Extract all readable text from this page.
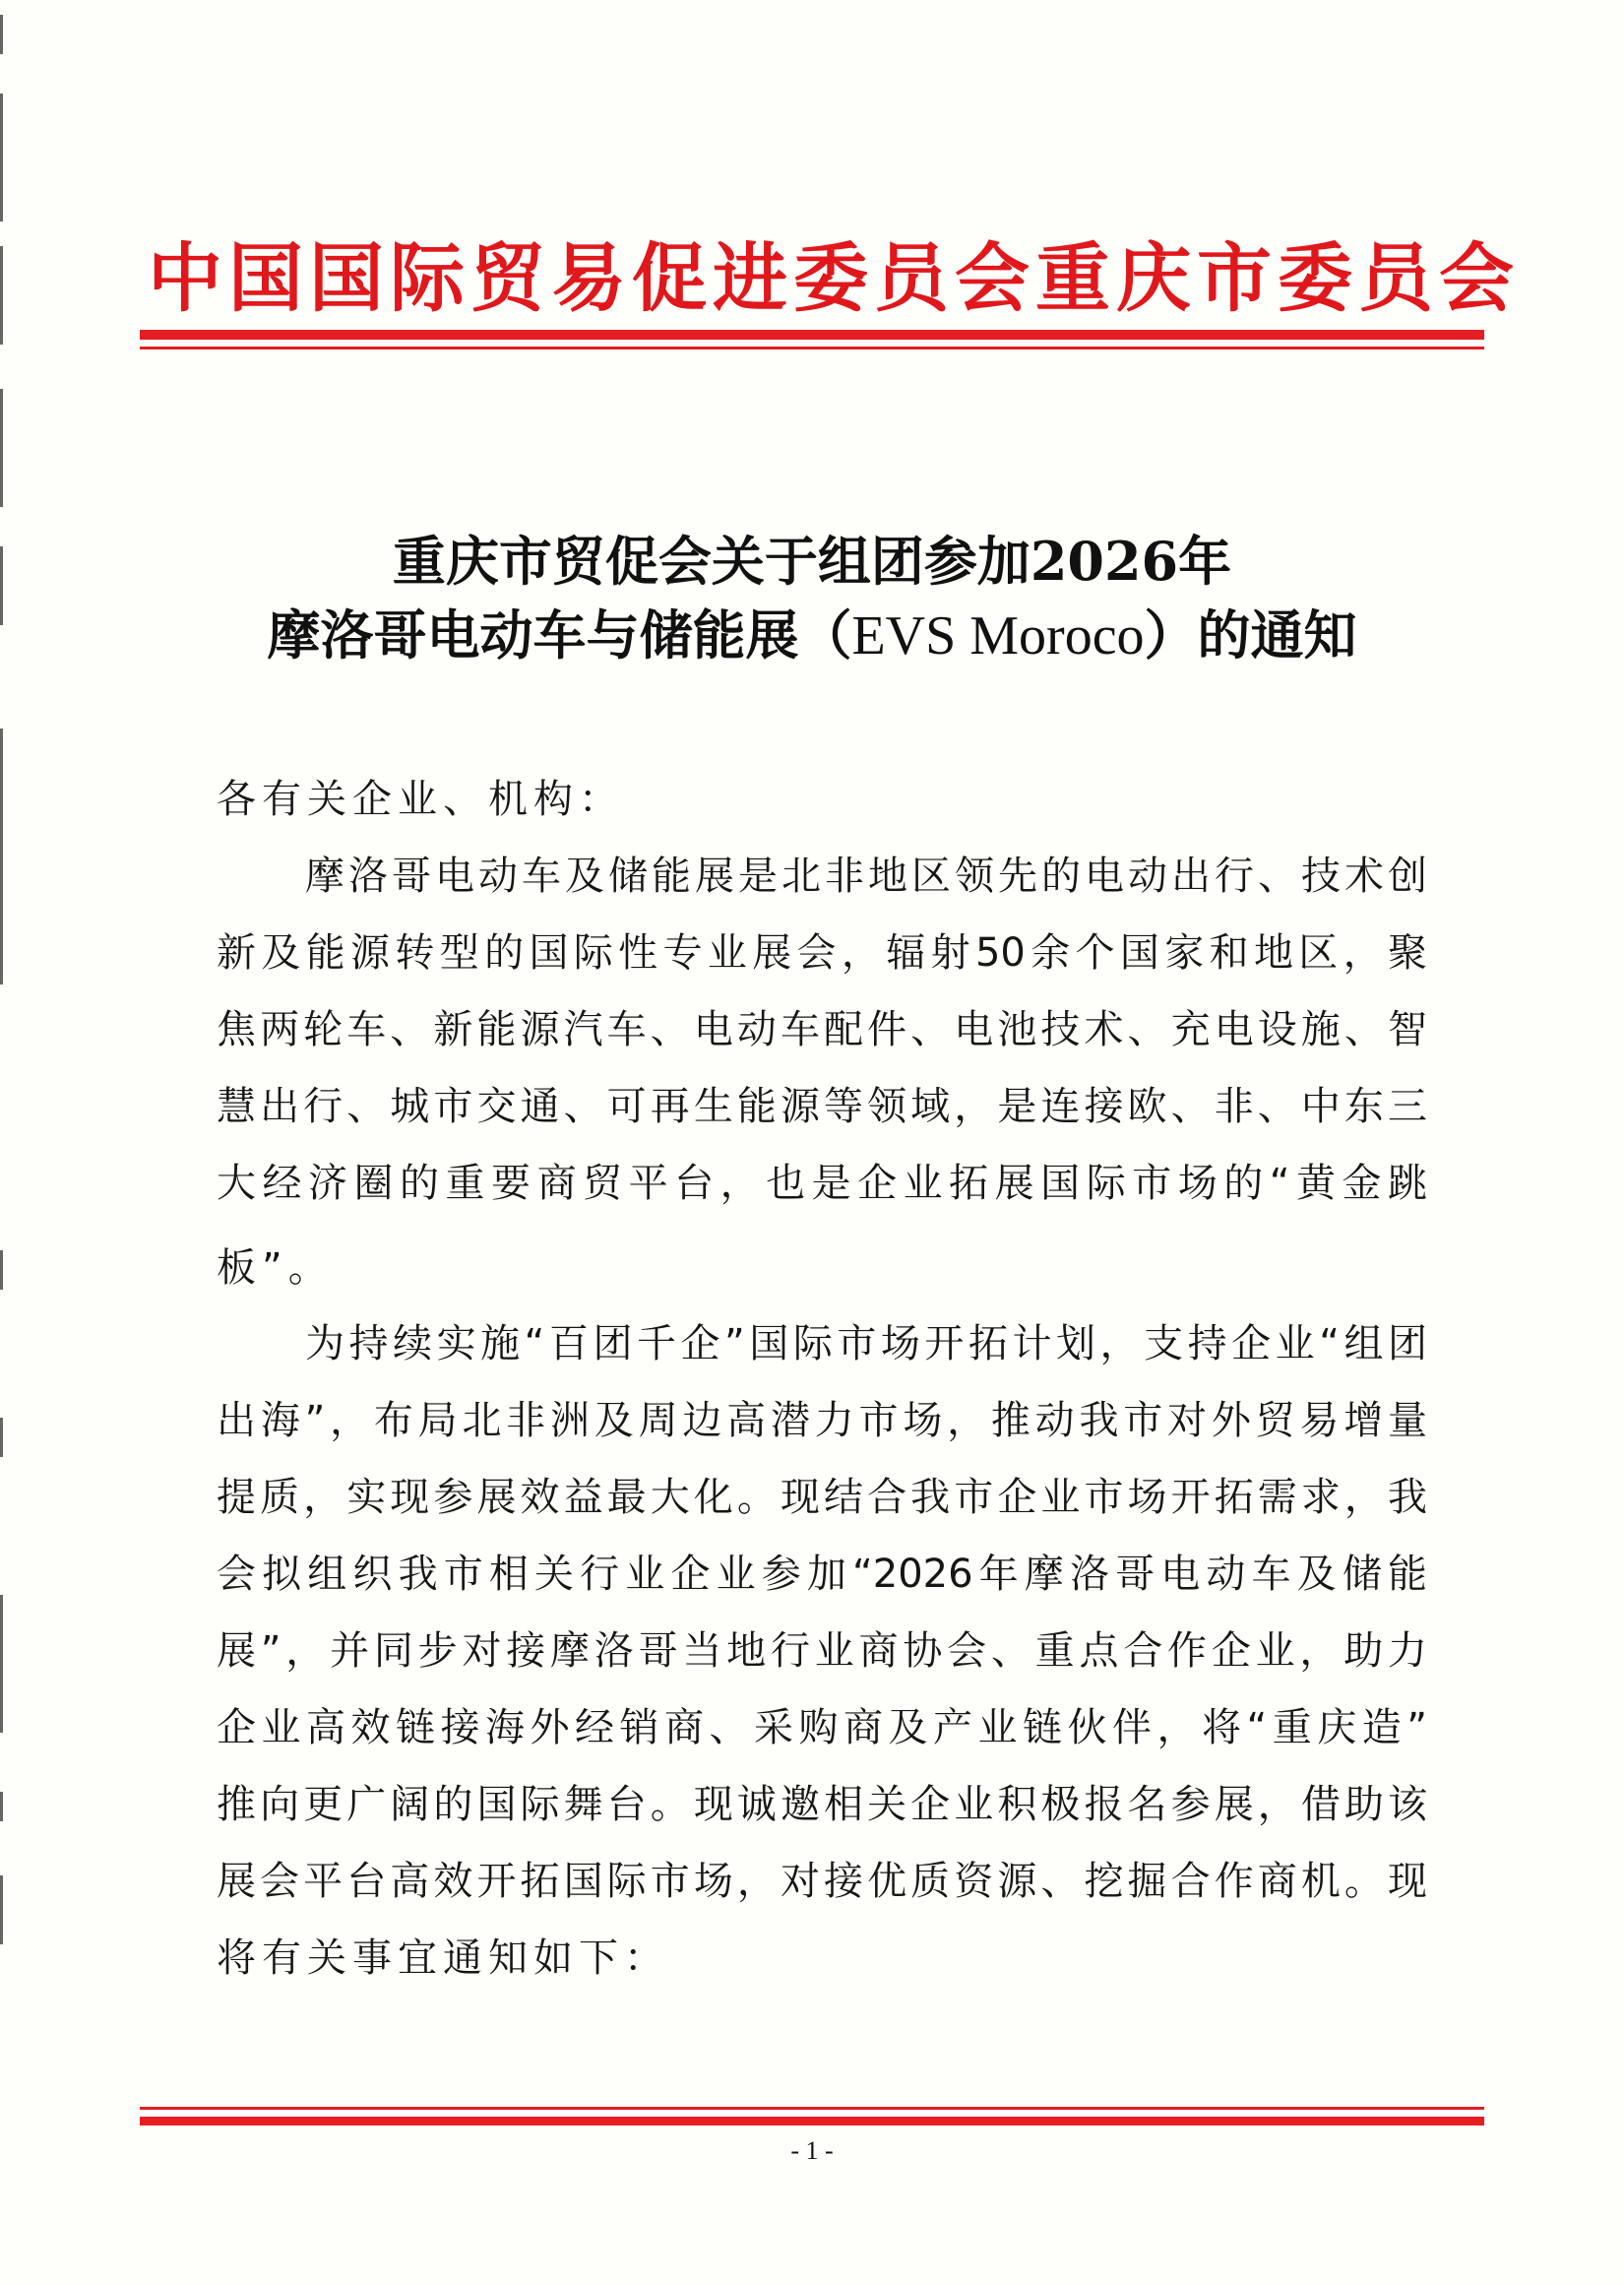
中国国际贸易促进委员会重庆市委员会
重庆市贸促会关于组团参加2026年
摩洛哥电动车与储能展（EVS Moroco）的通知
各有关企业、机构：
摩洛哥电动车及储能展是北非地区领先的电动出行、技术创
新及能源转型的国际性专业展会，辐射50余个国家和地区，聚
焦两轮车、新能源汽车、电动车配件、电池技术、充电设施、智
慧出行、城市交通、可再生能源等领域，是连接欧、非、中东三
大经济圈的重要商贸平台，也是企业拓展国际市场的“黄金跳
板”。
为持续实施“百团千企”国际市场开拓计划，支持企业“组团
出海”，布局北非洲及周边高潜力市场，推动我市对外贸易增量
提质，实现参展效益最大化。现结合我市企业市场开拓需求，我
会拟组织我市相关行业企业参加“2026年摩洛哥电动车及储能
展”，并同步对接摩洛哥当地行业商协会、重点合作企业，助力
企业高效链接海外经销商、采购商及产业链伙伴，将“重庆造”
推向更广阔的国际舞台。现诚邀相关企业积极报名参展，借助该
展会平台高效开拓国际市场，对接优质资源、挖掘合作商机。现
将有关事宜通知如下：
- 1 -
